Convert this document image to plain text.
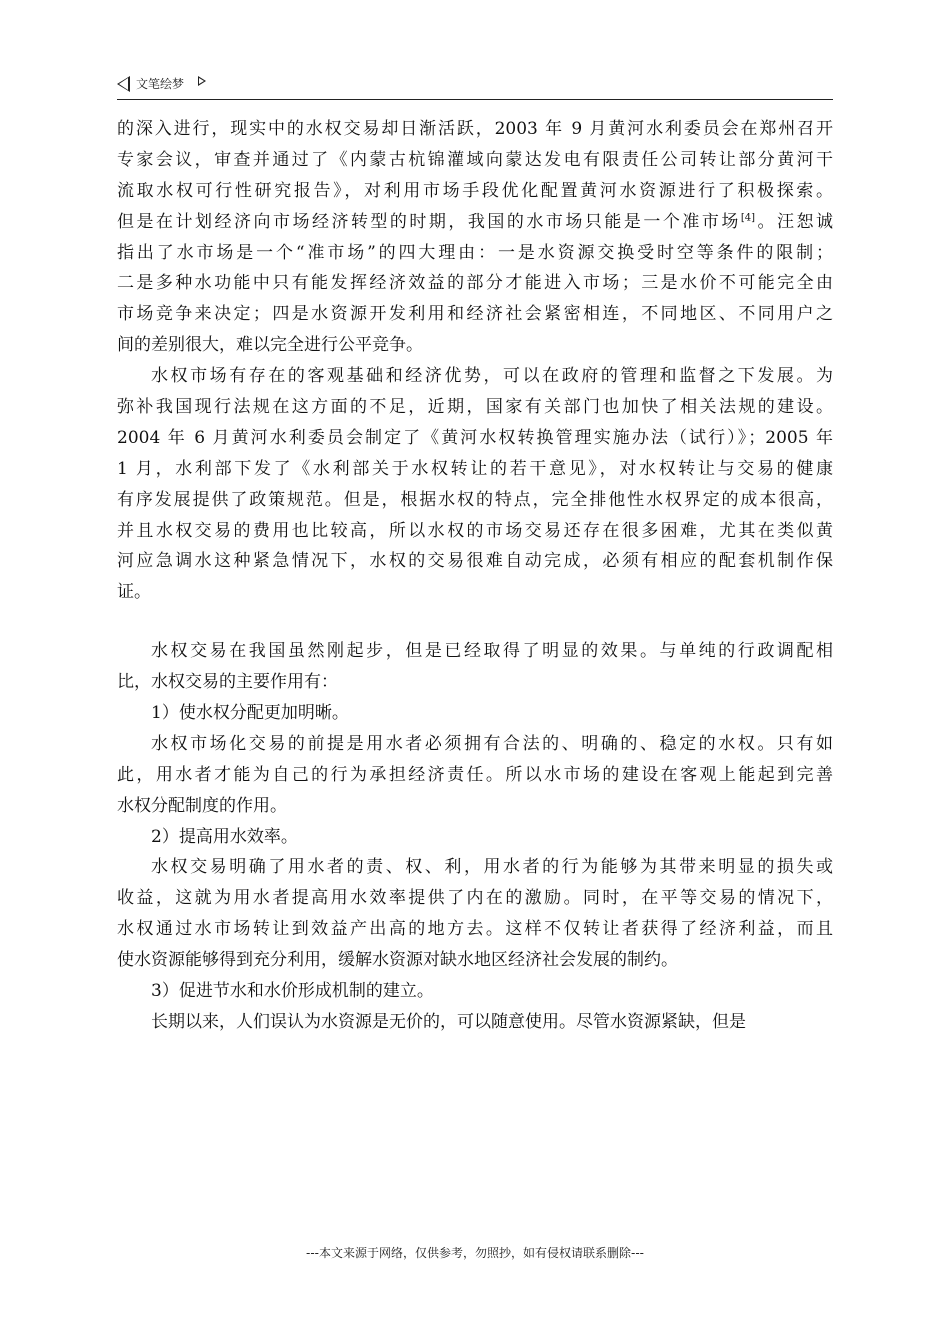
文笔绘梦
的深入进行，现实中的水权交易却日渐活跃，2003 年 9 月黄河水利委员会在郑州召开
专家会议，审查并通过了《内蒙古杭锦灌域向蒙达发电有限责任公司转让部分黄河干
流取水权可行性研究报告》，对利用市场手段优化配置黄河水资源进行了积极探索。
但是在计划经济向市场经济转型的时期，我国的水市场只能是一个准市场[4]。汪恕诚
指出了水市场是一个“准市场”的四大理由：一是水资源交换受时空等条件的限制；
二是多种水功能中只有能发挥经济效益的部分才能进入市场；三是水价不可能完全由
市场竞争来决定；四是水资源开发利用和经济社会紧密相连，不同地区、不同用户之
间的差别很大，难以完全进行公平竞争。
水权市场有存在的客观基础和经济优势，可以在政府的管理和监督之下发展。为
弥补我国现行法规在这方面的不足，近期，国家有关部门也加快了相关法规的建设。
2004 年 6 月黄河水利委员会制定了《黄河水权转换管理实施办法（试行）》；2005 年
1 月，水利部下发了《水利部关于水权转让的若干意见》，对水权转让与交易的健康
有序发展提供了政策规范。但是，根据水权的特点，完全排他性水权界定的成本很高，
并且水权交易的费用也比较高，所以水权的市场交易还存在很多困难，尤其在类似黄
河应急调水这种紧急情况下，水权的交易很难自动完成，必须有相应的配套机制作保
证。
水权交易在我国虽然刚起步，但是已经取得了明显的效果。与单纯的行政调配相
比，水权交易的主要作用有：
1）使水权分配更加明晰。
水权市场化交易的前提是用水者必须拥有合法的、明确的、稳定的水权。只有如
此，用水者才能为自己的行为承担经济责任。所以水市场的建设在客观上能起到完善
水权分配制度的作用。
2）提高用水效率。
水权交易明确了用水者的责、权、利，用水者的行为能够为其带来明显的损失或
收益，这就为用水者提高用水效率提供了内在的激励。同时，在平等交易的情况下，
水权通过水市场转让到效益产出高的地方去。这样不仅转让者获得了经济利益，而且
使水资源能够得到充分利用，缓解水资源对缺水地区经济社会发展的制约。
3）促进节水和水价形成机制的建立。
长期以来，人们误认为水资源是无价的，可以随意使用。尽管水资源紧缺，但是
---本文来源于网络，仅供参考，勿照抄，如有侵权请联系删除---
